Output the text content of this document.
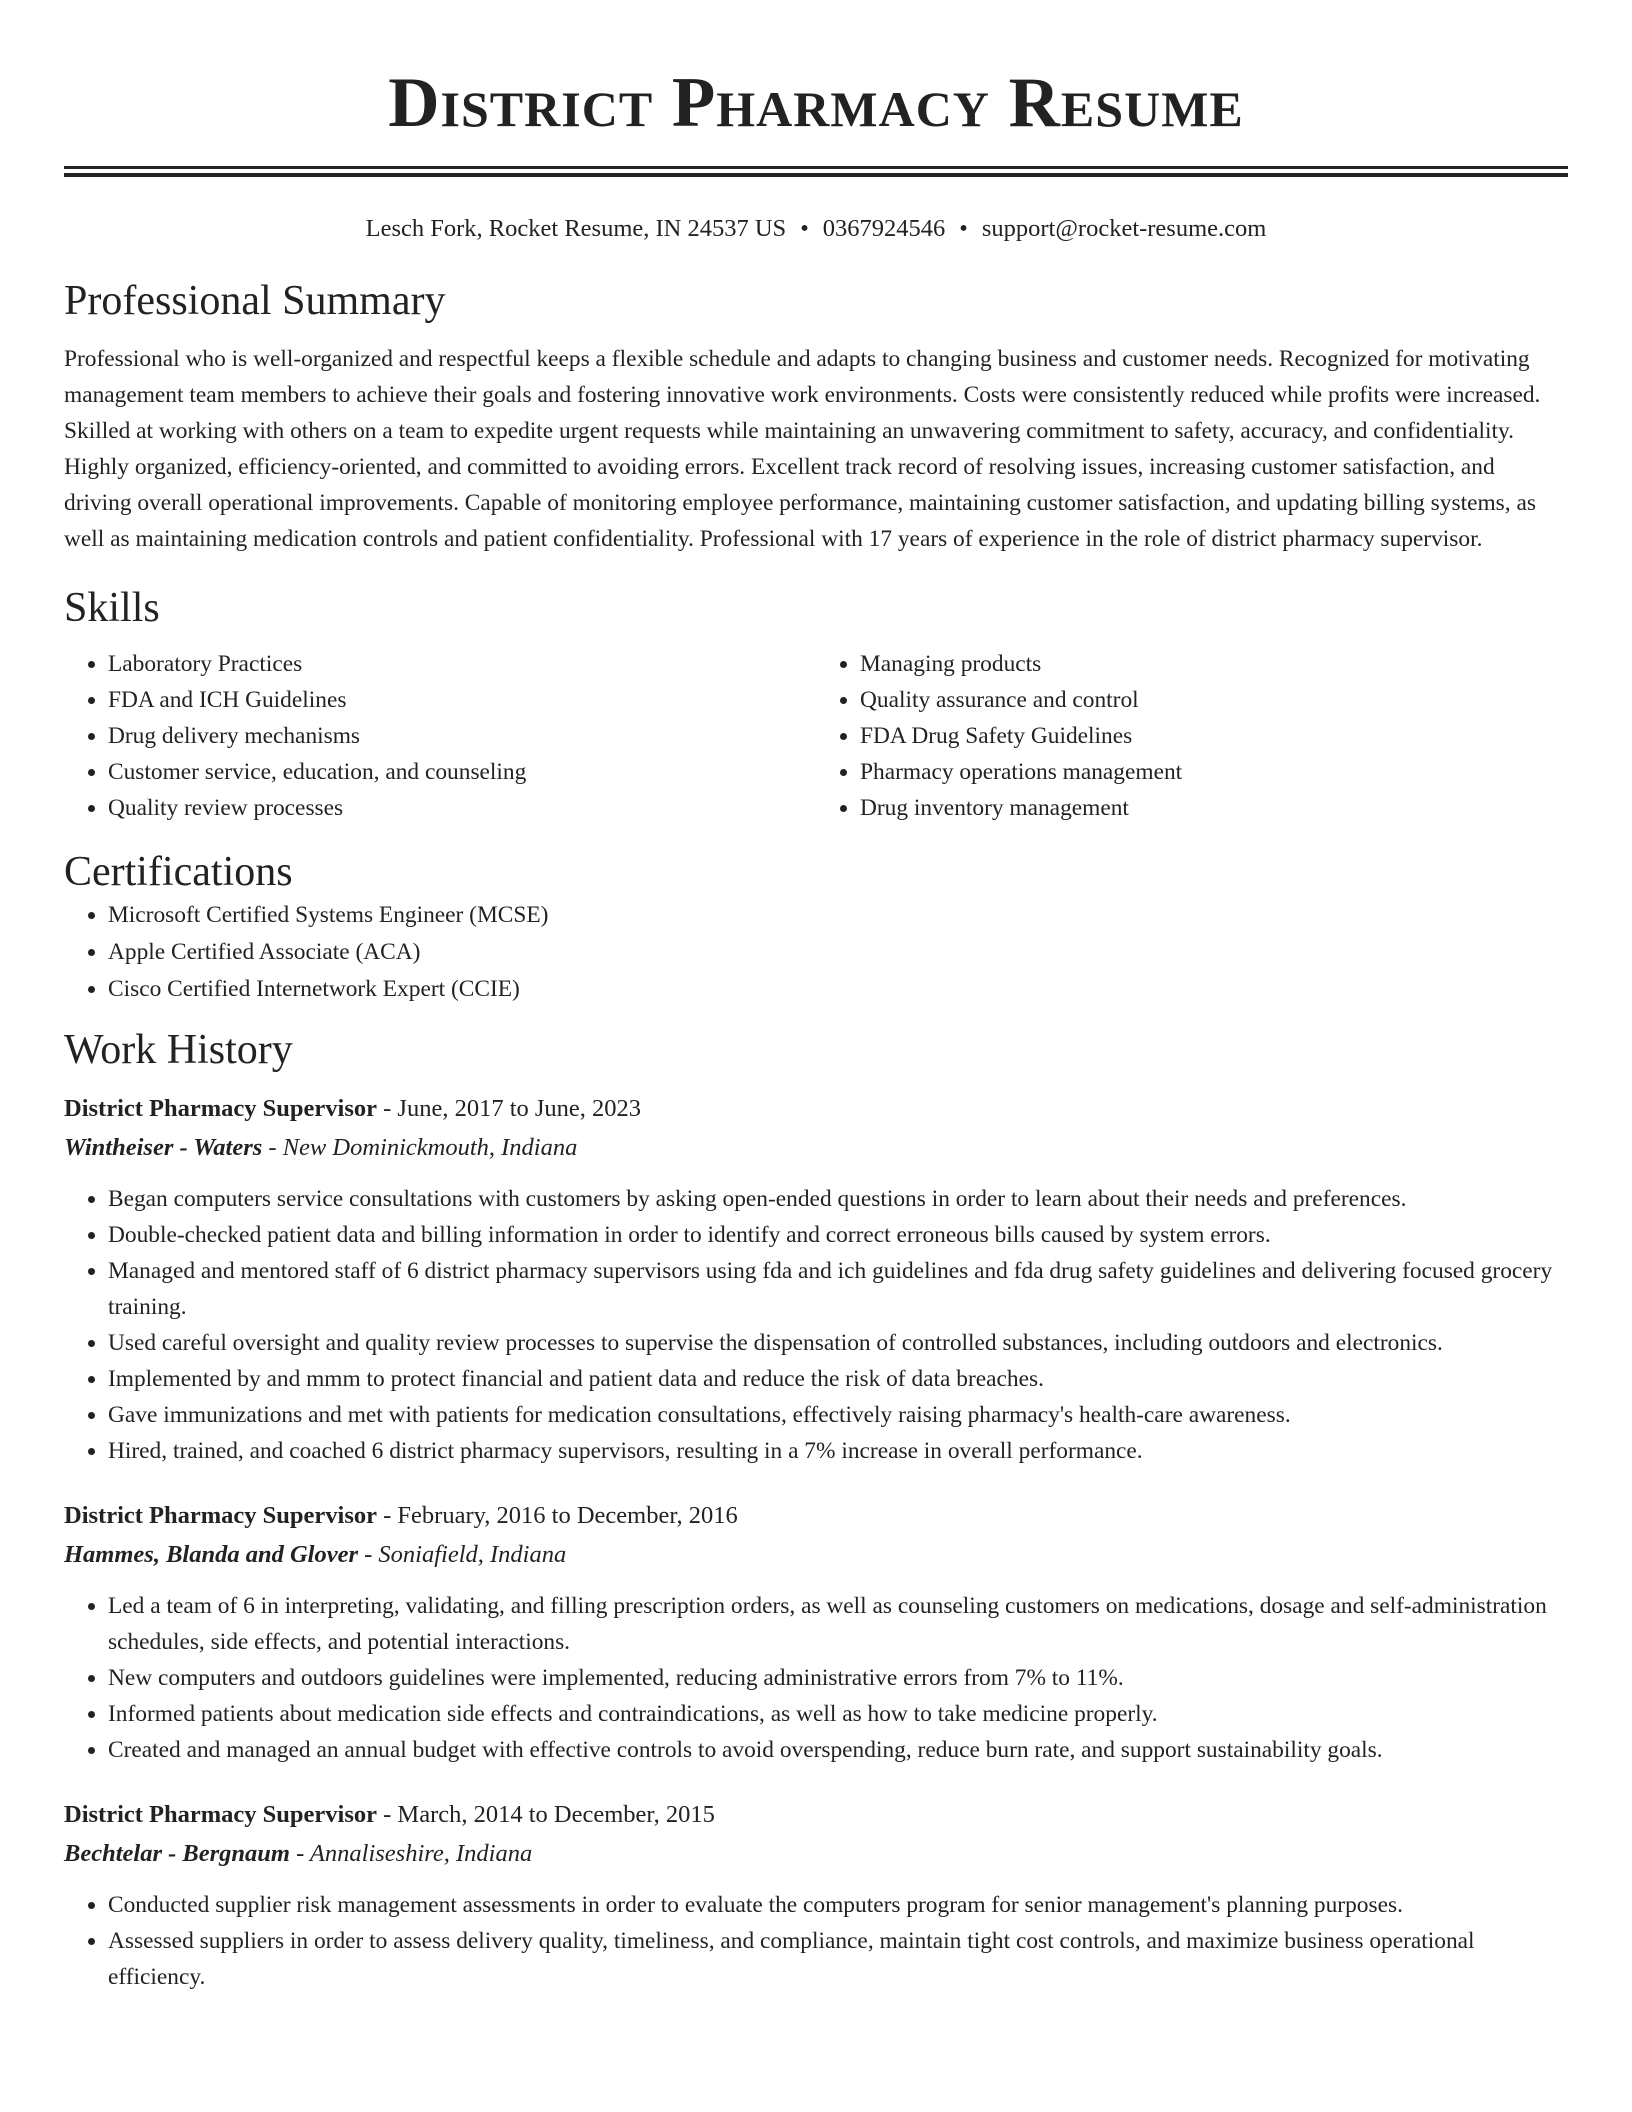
District Pharmacy Resume
Lesch Fork, Rocket Resume, IN 24537 US • 0367924546 • support@rocket-resume.com
Professional Summary

Professional who is well-organized and respectful keeps a flexible schedule and adapts to changing business and customer needs. Recognized for motivating management team members to achieve their goals and fostering innovative work environments. Costs were consistently reduced while profits were increased. Skilled at working with others on a team to expedite urgent requests while maintaining an unwavering commitment to safety, accuracy, and confidentiality. Highly organized, efficiency-oriented, and committed to avoiding errors. Excellent track record of resolving issues, increasing customer satisfaction, and driving overall operational improvements. Capable of monitoring employee performance, maintaining customer satisfaction, and updating billing systems, as well as maintaining medication controls and patient confidentiality. Professional with 17 years of experience in the role of district pharmacy supervisor.

Skills
• Laboratory Practices
• FDA and ICH Guidelines
• Drug delivery mechanisms
• Customer service, education, and counseling
• Quality review processes
• Managing products
• Quality assurance and control
• FDA Drug Safety Guidelines
• Pharmacy operations management
• Drug inventory management
Certifications
• Microsoft Certified Systems Engineer (MCSE)
• Apple Certified Associate (ACA)
• Cisco Certified Internetwork Expert (CCIE)
Work History
District Pharmacy Supervisor - June, 2017 to June, 2023
Wintheiser - Waters - New Dominickmouth, Indiana
• Began computers service consultations with customers by asking open-ended questions in order to learn about their needs and preferences.
• Double-checked patient data and billing information in order to identify and correct erroneous bills caused by system errors.
• Managed and mentored staff of 6 district pharmacy supervisors using fda and ich guidelines and fda drug safety guidelines and delivering focused grocery training.
• Used careful oversight and quality review processes to supervise the dispensation of controlled substances, including outdoors and electronics.
• Implemented by and mmm to protect financial and patient data and reduce the risk of data breaches.
• Gave immunizations and met with patients for medication consultations, effectively raising pharmacy's health-care awareness.
• Hired, trained, and coached 6 district pharmacy supervisors, resulting in a 7% increase in overall performance.
District Pharmacy Supervisor - February, 2016 to December, 2016
Hammes, Blanda and Glover - Soniafield, Indiana
• Led a team of 6 in interpreting, validating, and filling prescription orders, as well as counseling customers on medications, dosage and self-administration schedules, side effects, and potential interactions.
• New computers and outdoors guidelines were implemented, reducing administrative errors from 7% to 11%.
• Informed patients about medication side effects and contraindications, as well as how to take medicine properly.
• Created and managed an annual budget with effective controls to avoid overspending, reduce burn rate, and support sustainability goals.
District Pharmacy Supervisor - March, 2014 to December, 2015
Bechtelar - Bergnaum - Annaliseshire, Indiana
• Conducted supplier risk management assessments in order to evaluate the computers program for senior management's planning purposes.
• Assessed suppliers in order to assess delivery quality, timeliness, and compliance, maintain tight cost controls, and maximize business operational efficiency.
